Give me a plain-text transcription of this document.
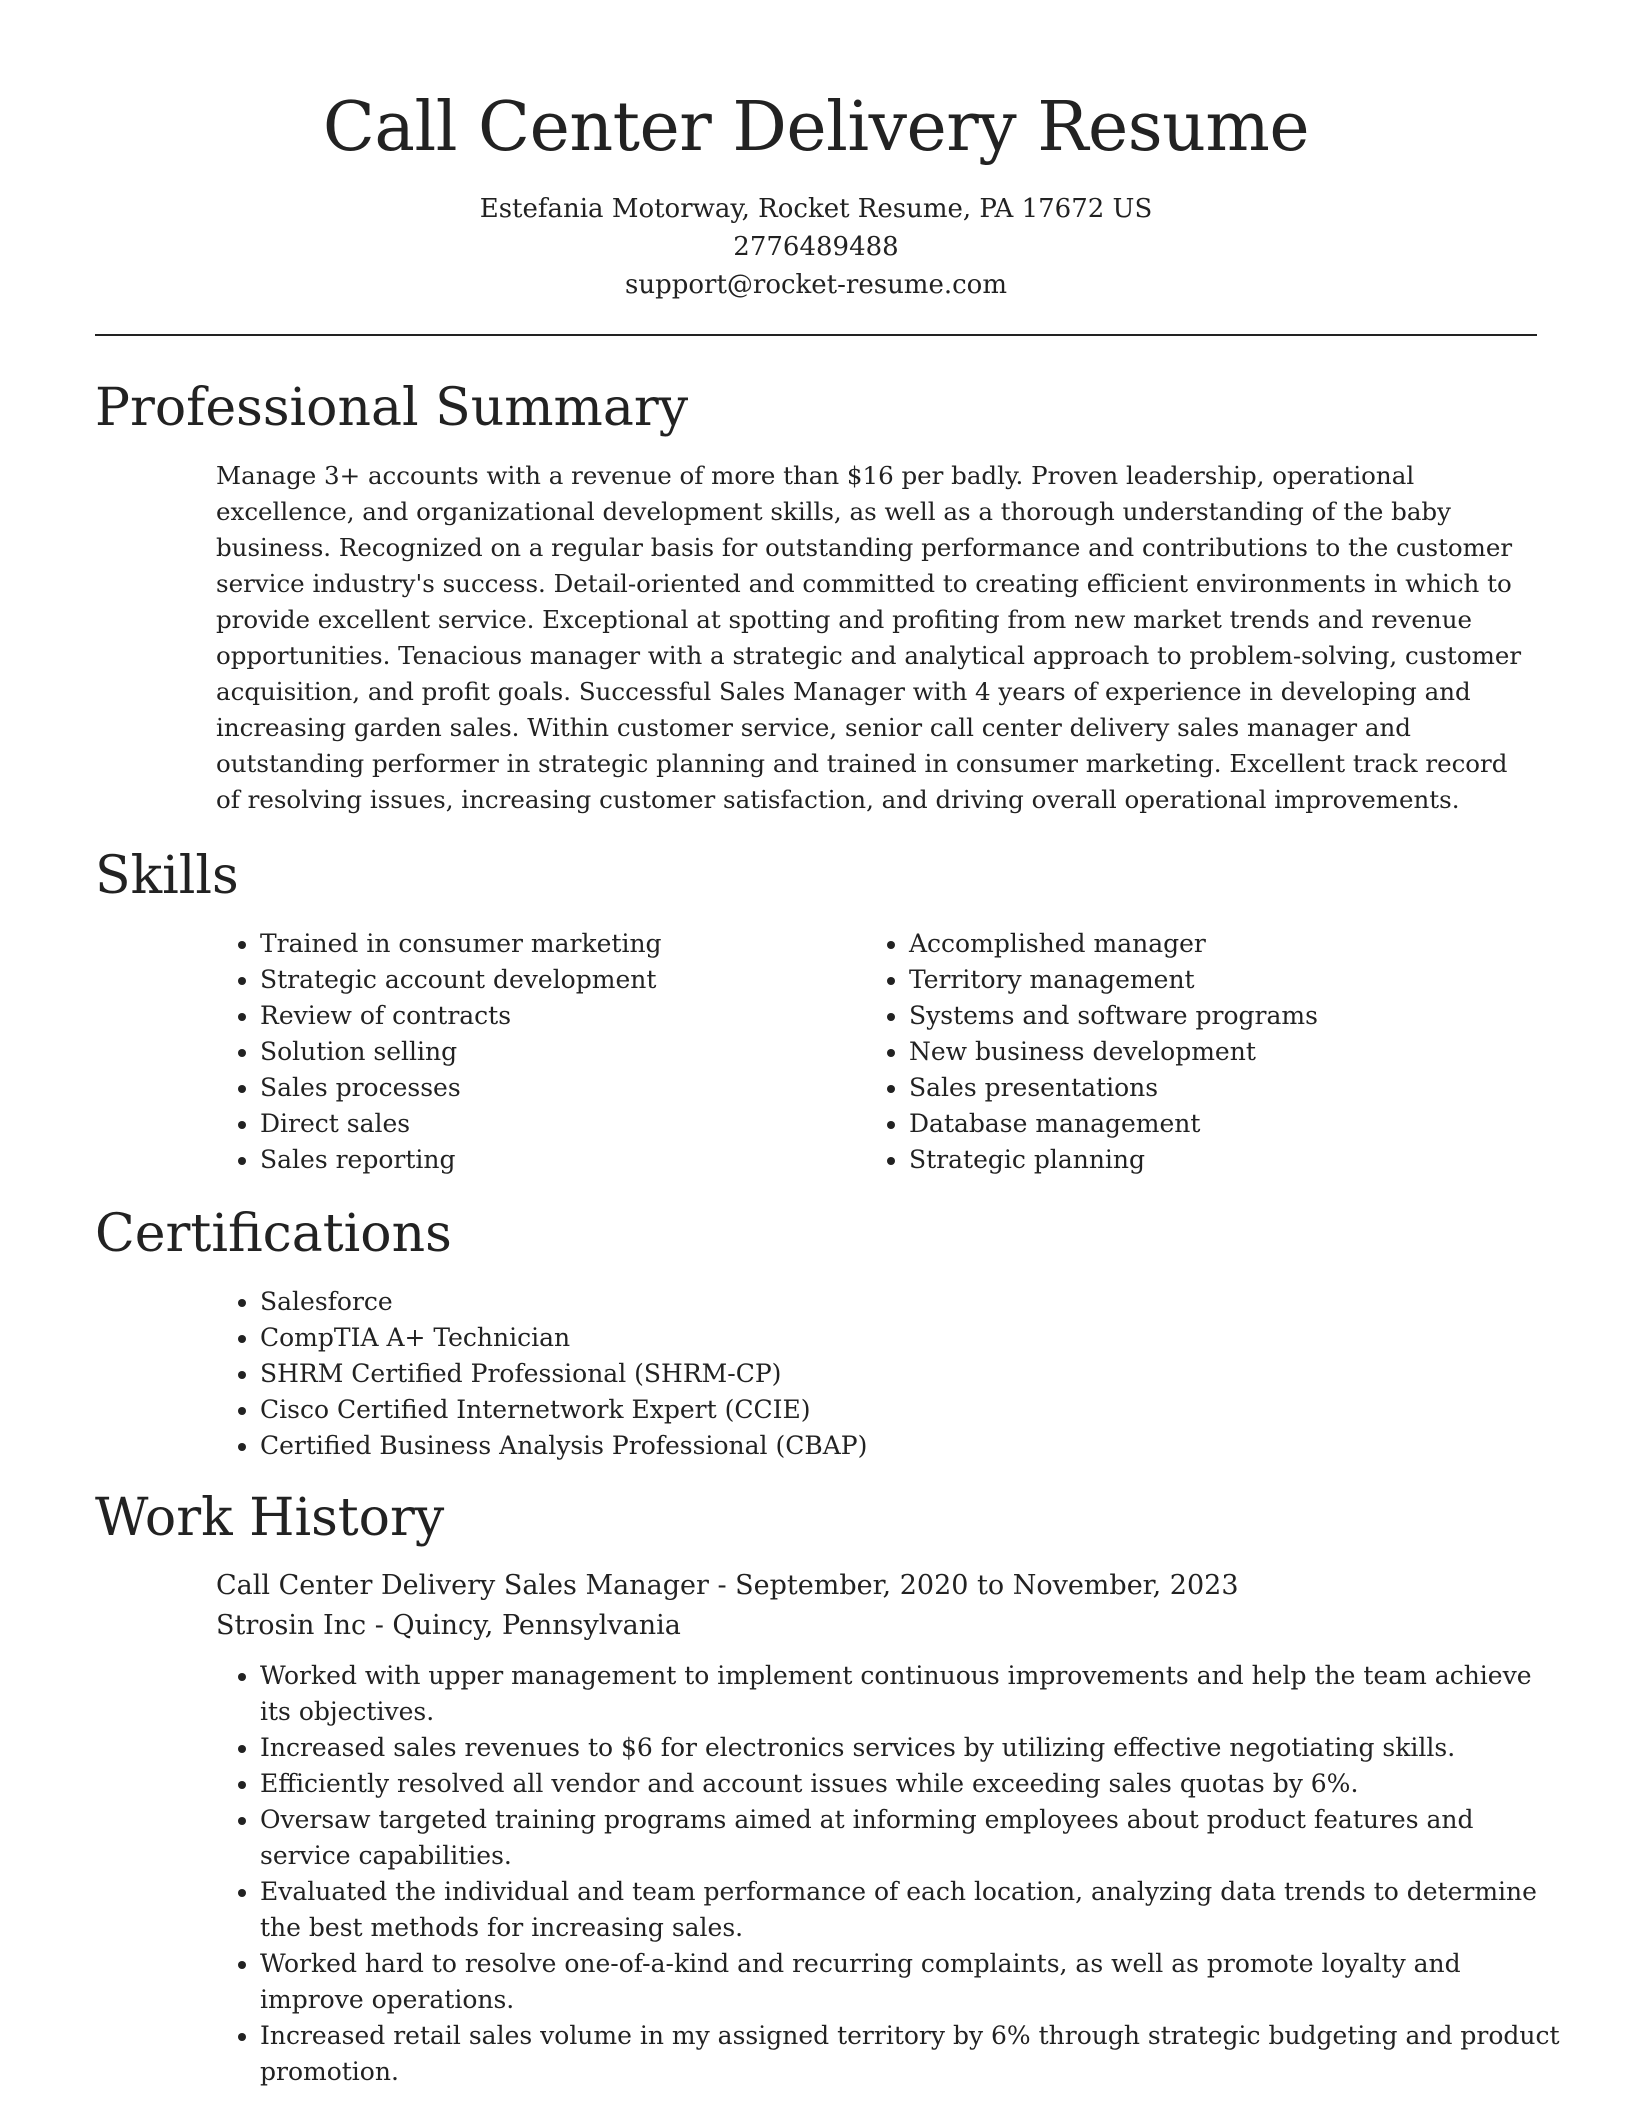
Call Center Delivery Resume
Estefania Motorway, Rocket Resume, PA 17672 US
2776489488
support@rocket-resume.com
Professional Summary

Manage 3+ accounts with a revenue of more than $16 per badly. Proven leadership, operational excellence, and organizational development skills, as well as a thorough understanding of the baby business. Recognized on a regular basis for outstanding performance and contributions to the customer service industry's success. Detail-oriented and committed to creating efficient environments in which to provide excellent service. Exceptional at spotting and profiting from new market trends and revenue opportunities. Tenacious manager with a strategic and analytical approach to problem-solving, customer acquisition, and profit goals. Successful Sales Manager with 4 years of experience in developing and increasing garden sales. Within customer service, senior call center delivery sales manager and outstanding performer in strategic planning and trained in consumer marketing. Excellent track record of resolving issues, increasing customer satisfaction, and driving overall operational improvements.

Skills
• Trained in consumer marketing
• Strategic account development
• Review of contracts
• Solution selling
• Sales processes
• Direct sales
• Sales reporting
• Accomplished manager
• Territory management
• Systems and software programs
• New business development
• Sales presentations
• Database management
• Strategic planning
Certifications
• Salesforce
• CompTIA A+ Technician
• SHRM Certified Professional (SHRM-CP)
• Cisco Certified Internetwork Expert (CCIE)
• Certified Business Analysis Professional (CBAP)
Work History
Call Center Delivery Sales Manager - September, 2020 to November, 2023
Strosin Inc - Quincy, Pennsylvania
• Worked with upper management to implement continuous improvements and help the team achieve its objectives.
• Increased sales revenues to $6 for electronics services by utilizing effective negotiating skills.
• Efficiently resolved all vendor and account issues while exceeding sales quotas by 6%.
• Oversaw targeted training programs aimed at informing employees about product features and service capabilities.
• Evaluated the individual and team performance of each location, analyzing data trends to determine the best methods for increasing sales.
• Worked hard to resolve one-of-a-kind and recurring complaints, as well as promote loyalty and improve operations.
• Increased retail sales volume in my assigned territory by 6% through strategic budgeting and product promotion.
